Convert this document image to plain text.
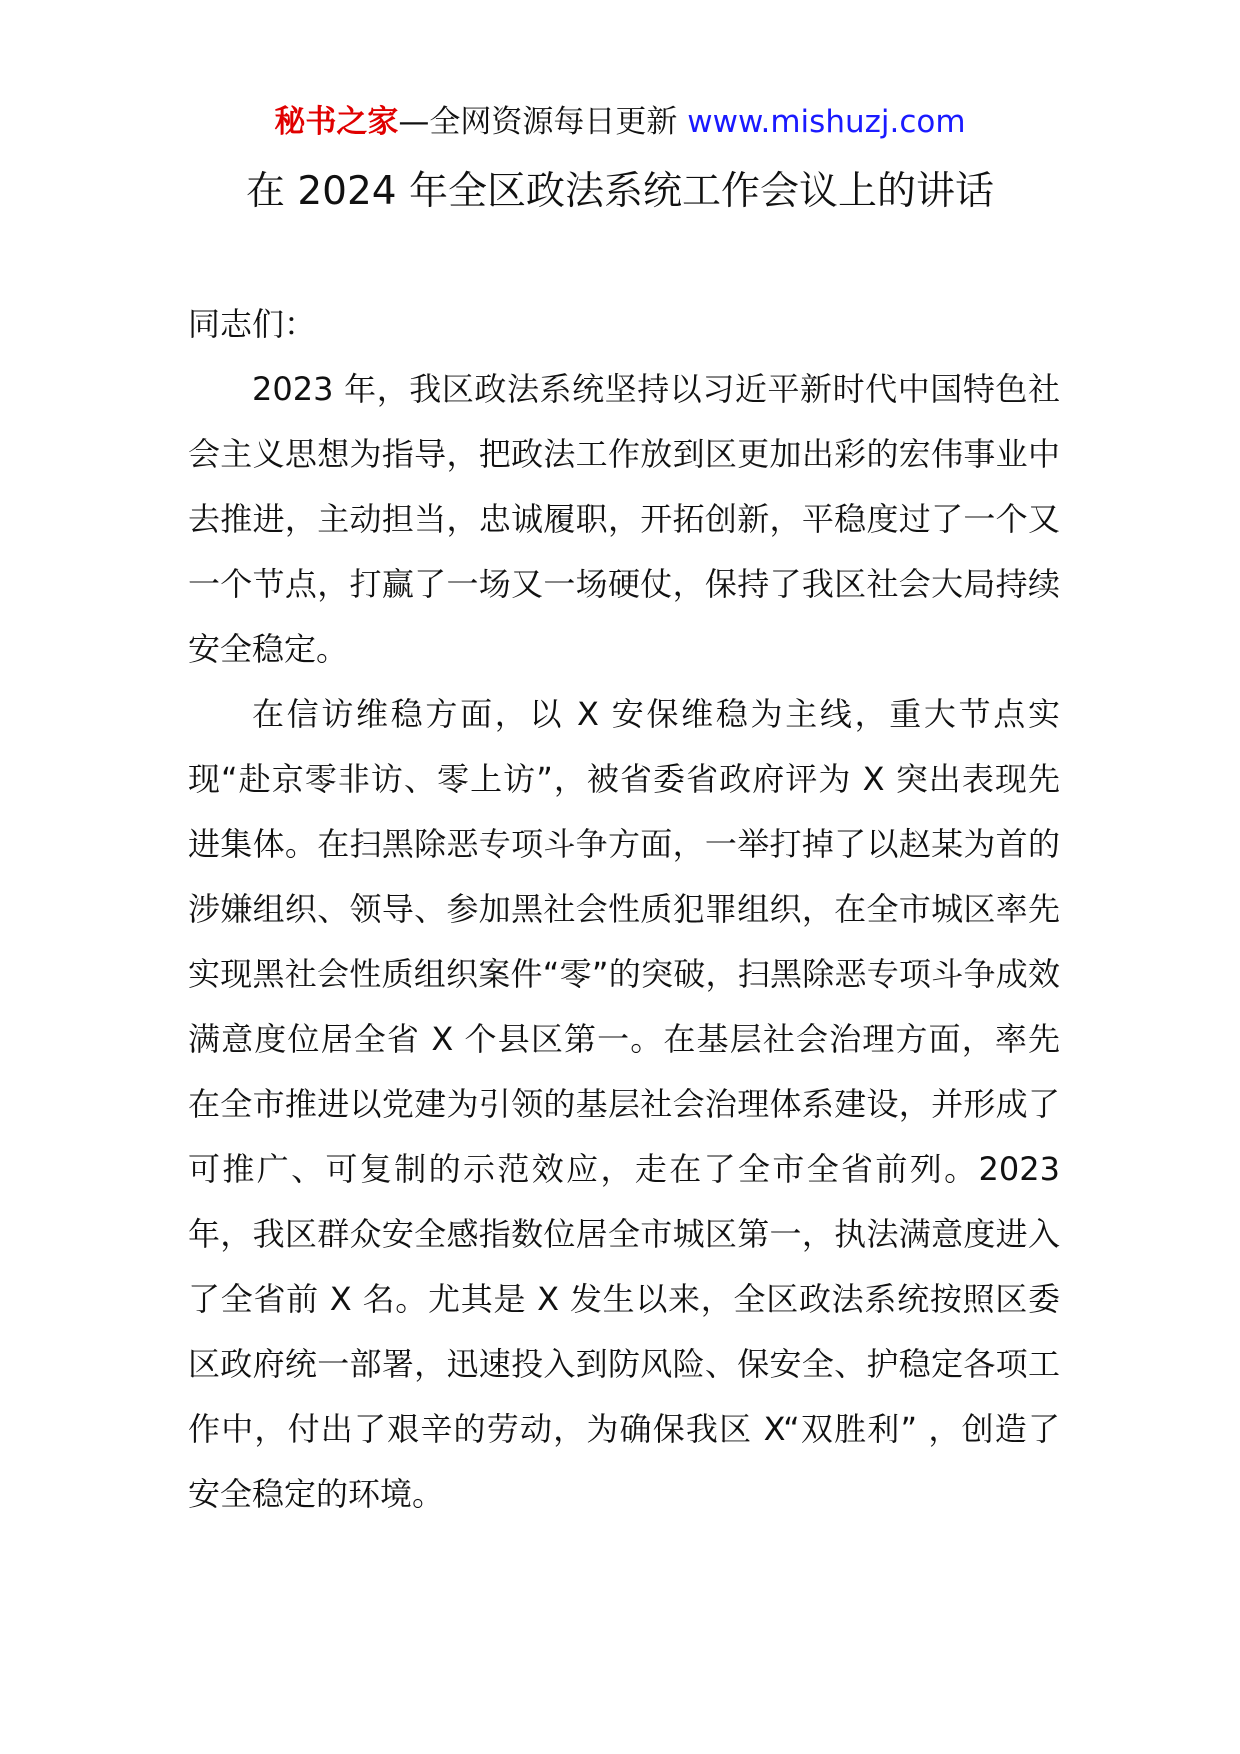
秘书之家—全网资源每日更新 www.mishuzj.com
在 2024 年全区政法系统工作会议上的讲话

同志们：

2023 年，我区政法系统坚持以习近平新时代中国特色社会主义思想为指导，把政法工作放到区更加出彩的宏伟事业中去推进，主动担当，忠诚履职，开拓创新，平稳度过了一个又一个节点，打赢了一场又一场硬仗，保持了我区社会大局持续安全稳定。

在信访维稳方面，以 X 安保维稳为主线，重大节点实现“赴京零非访、零上访”，被省委省政府评为 X 突出表现先进集体。在扫黑除恶专项斗争方面，一举打掉了以赵某为首的涉嫌组织、领导、参加黑社会性质犯罪组织，在全市城区率先实现黑社会性质组织案件“零”的突破，扫黑除恶专项斗争成效满意度位居全省 X 个县区第一。在基层社会治理方面，率先在全市推进以党建为引领的基层社会治理体系建设，并形成了可推广、可复制的示范效应，走在了全市全省前列。2023 年，我区群众安全感指数位居全市城区第一，执法满意度进入了全省前 X 名。尤其是 X 发生以来，全区政法系统按照区委区政府统一部署，迅速投入到防风险、保安全、护稳定各项工作中，付出了艰辛的劳动，为确保我区 X“双胜利” ，创造了安全稳定的环境。
